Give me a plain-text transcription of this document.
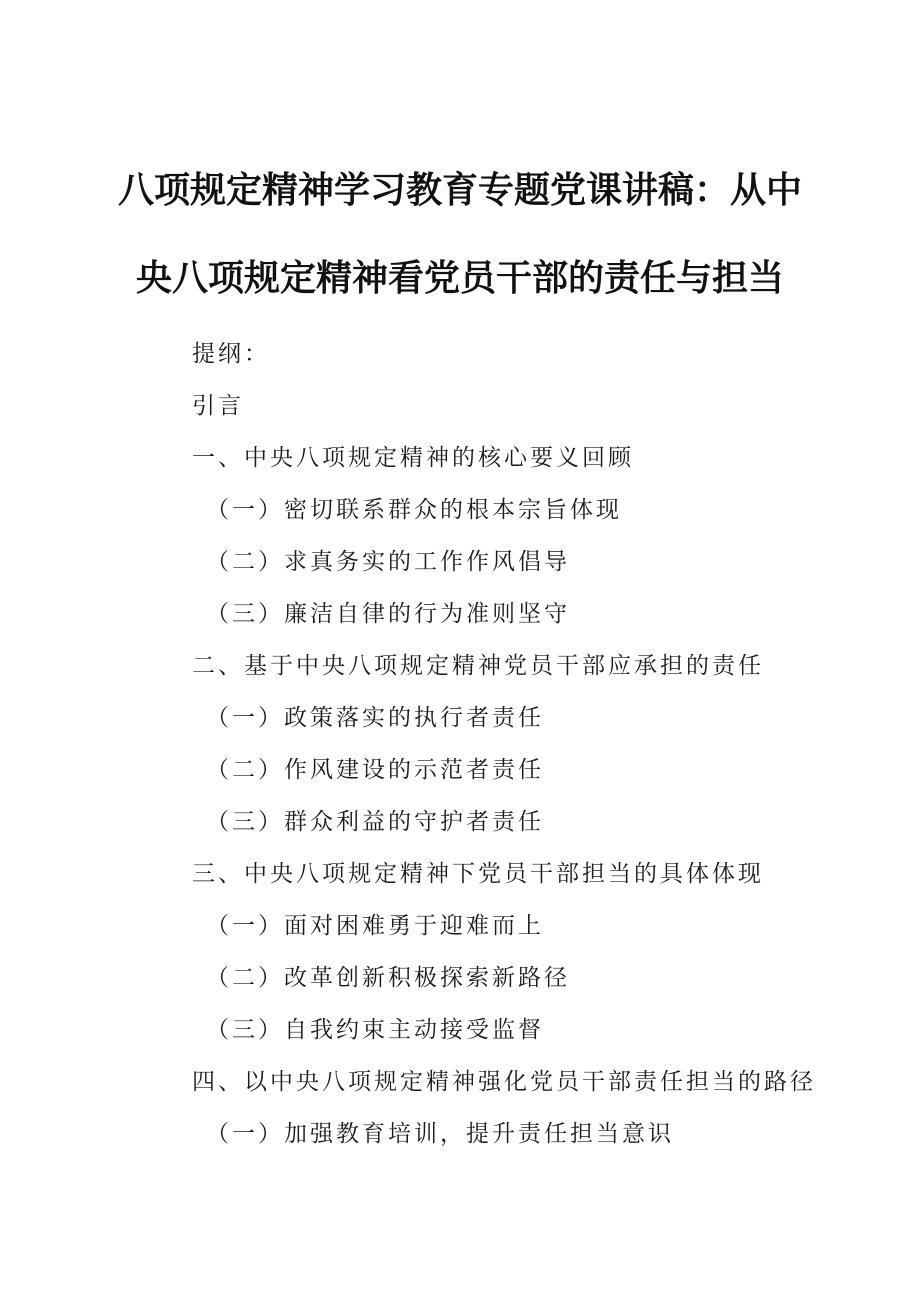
八项规定精神学习教育专题党课讲稿：从中
央八项规定精神看党员干部的责任与担当
提纲：
引言
一、中央八项规定精神的核心要义回顾
（一）密切联系群众的根本宗旨体现
（二）求真务实的工作作风倡导
（三）廉洁自律的行为准则坚守
二、基于中央八项规定精神党员干部应承担的责任
（一）政策落实的执行者责任
（二）作风建设的示范者责任
（三）群众利益的守护者责任
三、中央八项规定精神下党员干部担当的具体体现
（一）面对困难勇于迎难而上
（二）改革创新积极探索新路径
（三）自我约束主动接受监督
四、以中央八项规定精神强化党员干部责任担当的路径
（一）加强教育培训，提升责任担当意识
